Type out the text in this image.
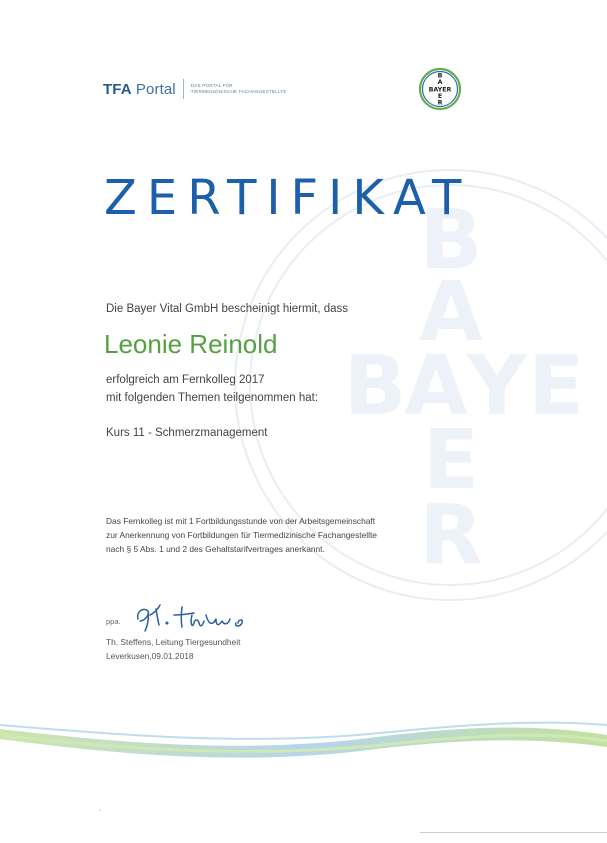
B
A
B
A Y E
E
R
TFA Portal	DAS PORTAL FÜR
TIERMEDIZINISCHE FACHANGESTELLTE
B
A
BAYER
E
R
ZERTIFIKAT
Die Bayer Vital GmbH bescheinigt hiermit, dass
Leonie Reinold
erfolgreich am Fernkolleg 2017
mit folgenden Themen teilgenommen hat:
Kurs 11 - Schmerzmanagement
Das Fernkolleg ist mit 1 Fortbildungsstunde von der Arbeitsgemeinschaft
zur Anerkennung von Fortbildungen für Tiermedizinische Fachangestellte
nach § 5 Abs. 1 und 2 des Gehaltstarifvertrages anerkannt.
ppa.
Th. Steffens, Leitung Tiergesundheit
Leverkusen,09.01.2018
